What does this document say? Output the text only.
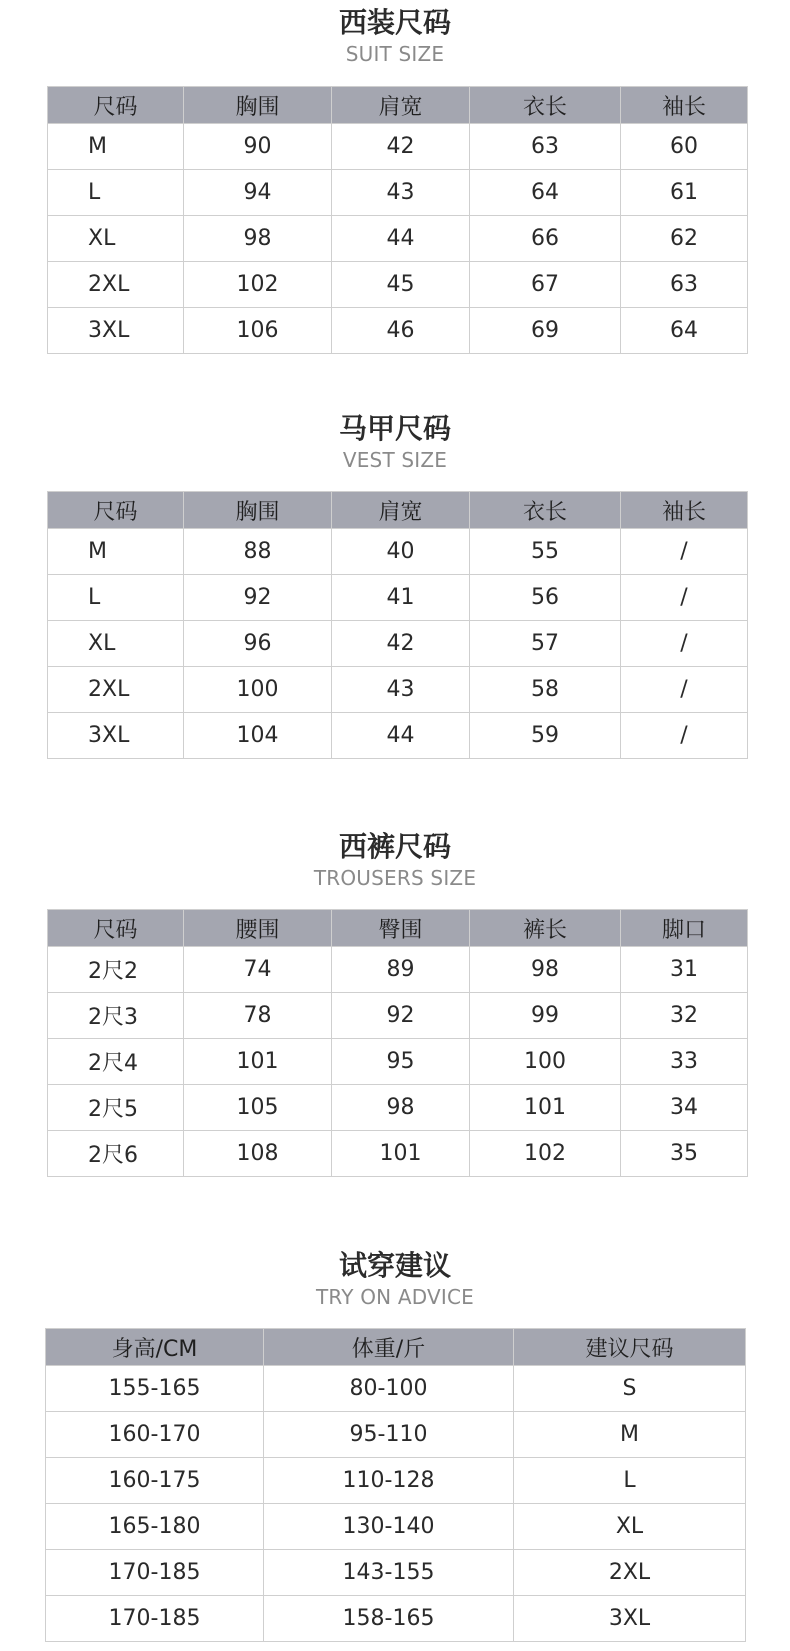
西装尺码
SUIT SIZE
尺码	胸围	肩宽	衣长	袖长
M	90	42	63	60
L	94	43	64	61
XL	98	44	66	62
2XL	102	45	67	63
3XL	106	46	69	64
马甲尺码
VEST SIZE
尺码	胸围	肩宽	衣长	袖长
M	88	40	55	/
L	92	41	56	/
XL	96	42	57	/
2XL	100	43	58	/
3XL	104	44	59	/
西裤尺码
TROUSERS SIZE
尺码	腰围	臀围	裤长	脚口
2尺2	74	89	98	31
2尺3	78	92	99	32
2尺4	101	95	100	33
2尺5	105	98	101	34
2尺6	108	101	102	35
试穿建议
TRY ON ADVICE
身高/CM	体重/斤	建议尺码
155-165	80-100	S
160-170	95-110	M
160-175	110-128	L
165-180	130-140	XL
170-185	143-155	2XL
170-185	158-165	3XL
